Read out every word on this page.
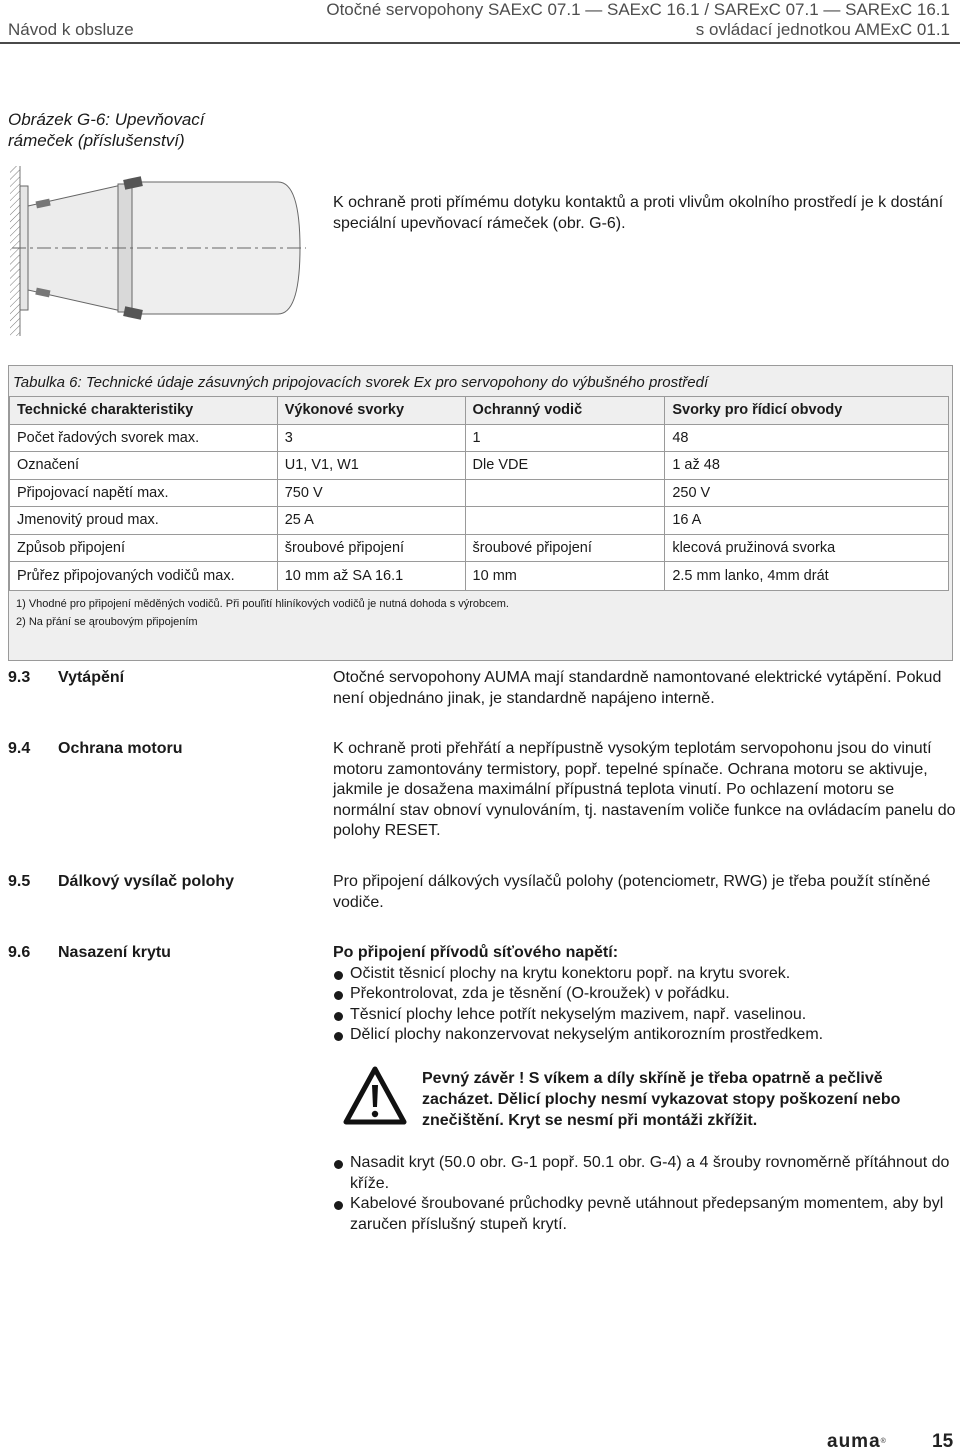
Návod k obsluze
Otočné servopohony SAExC 07.1 — SAExC 16.1 / SARExC 07.1 — SARExC 16.1
s ovládací jednotkou AMExC 01.1
Obrázek G-6: Upevňovací
rámeček (příslušenství)
K ochraně proti přímému dotyku kontaktů a proti vlivům okolního prostředí je k dostání speciální upevňovací rámeček (obr. G-6).
Tabulka 6: Technické údaje zásuvných pripojovacích svorek Ex pro servopohony do výbušného prostředí
Technické charakteristiky	Výkonové svorky	Ochranný vodič	Svorky pro řídicí obvody
Počet řadových svorek max.	3	1	48
Označení	U1, V1, W1	Dle VDE	1 až 48
Připojovací napětí max.	750 V		250 V
Jmenovitý proud max.	25 A		16 A
Způsob připojení	šroubové připojení	šroubové připojení	klecová pružinová svorka
Průřez připojovaných vodičů max.	10 mm až SA 16.1	10 mm	2.5 mm lanko, 4mm drát
1) Vhodné pro připojení měděných vodičů. Při pouľití hliníkových vodičů je nutná dohoda s výrobcem.
2) Na přání se ąroubovým připojením
9.3 Vytápění	Otočné servopohony AUMA mají standardně namontované elektrické vytápění. Pokud není objednáno jinak, je standardně napájeno interně.
9.4 Ochrana motoru	K ochraně proti přehřátí a nepřípustně vysokým teplotám servopohonu jsou do vinutí motoru zamontovány termistory, popř. tepelné spínače. Ochrana motoru se aktivuje, jakmile je dosažena maximální přípustná teplota vinutí. Po ochlazení motoru se normální stav obnoví vynulováním, tj. nastavením voliče funkce na ovládacím panelu do polohy RESET.
9.5 Dálkový vysílač polohy	Pro připojení dálkových vysílačů polohy (potenciometr, RWG) je třeba použít stíněné vodiče.
9.6 Nasazení krytu	Po připojení přívodů síťového napětí:
Očistit těsnicí plochy na krytu konektoru popř. na krytu svorek.
Překontrolovat, zda je těsnění (O-kroužek) v pořádku.
Těsnicí plochy lehce potřít nekyselým mazivem, např. vaselinou.
Dělicí plochy nakonzervovat nekyselým antikorozním prostředkem.
Pevný závěr ! S víkem a díly skříně je třeba opatrně a pečlivě zacházet. Dělicí plochy nesmí vykazovat stopy poškození nebo znečištění. Kryt se nesmí při montáži zkřížit.
Nasadit kryt (50.0 obr. G-1 popř. 50.1 obr. G-4) a 4 šrouby rovnoměrně přítáhnout do kříže.
Kabelové šroubované průchodky pevně utáhnout předepsaným momentem, aby byl zaručen příslušný stupeň krytí.
auma® 15
